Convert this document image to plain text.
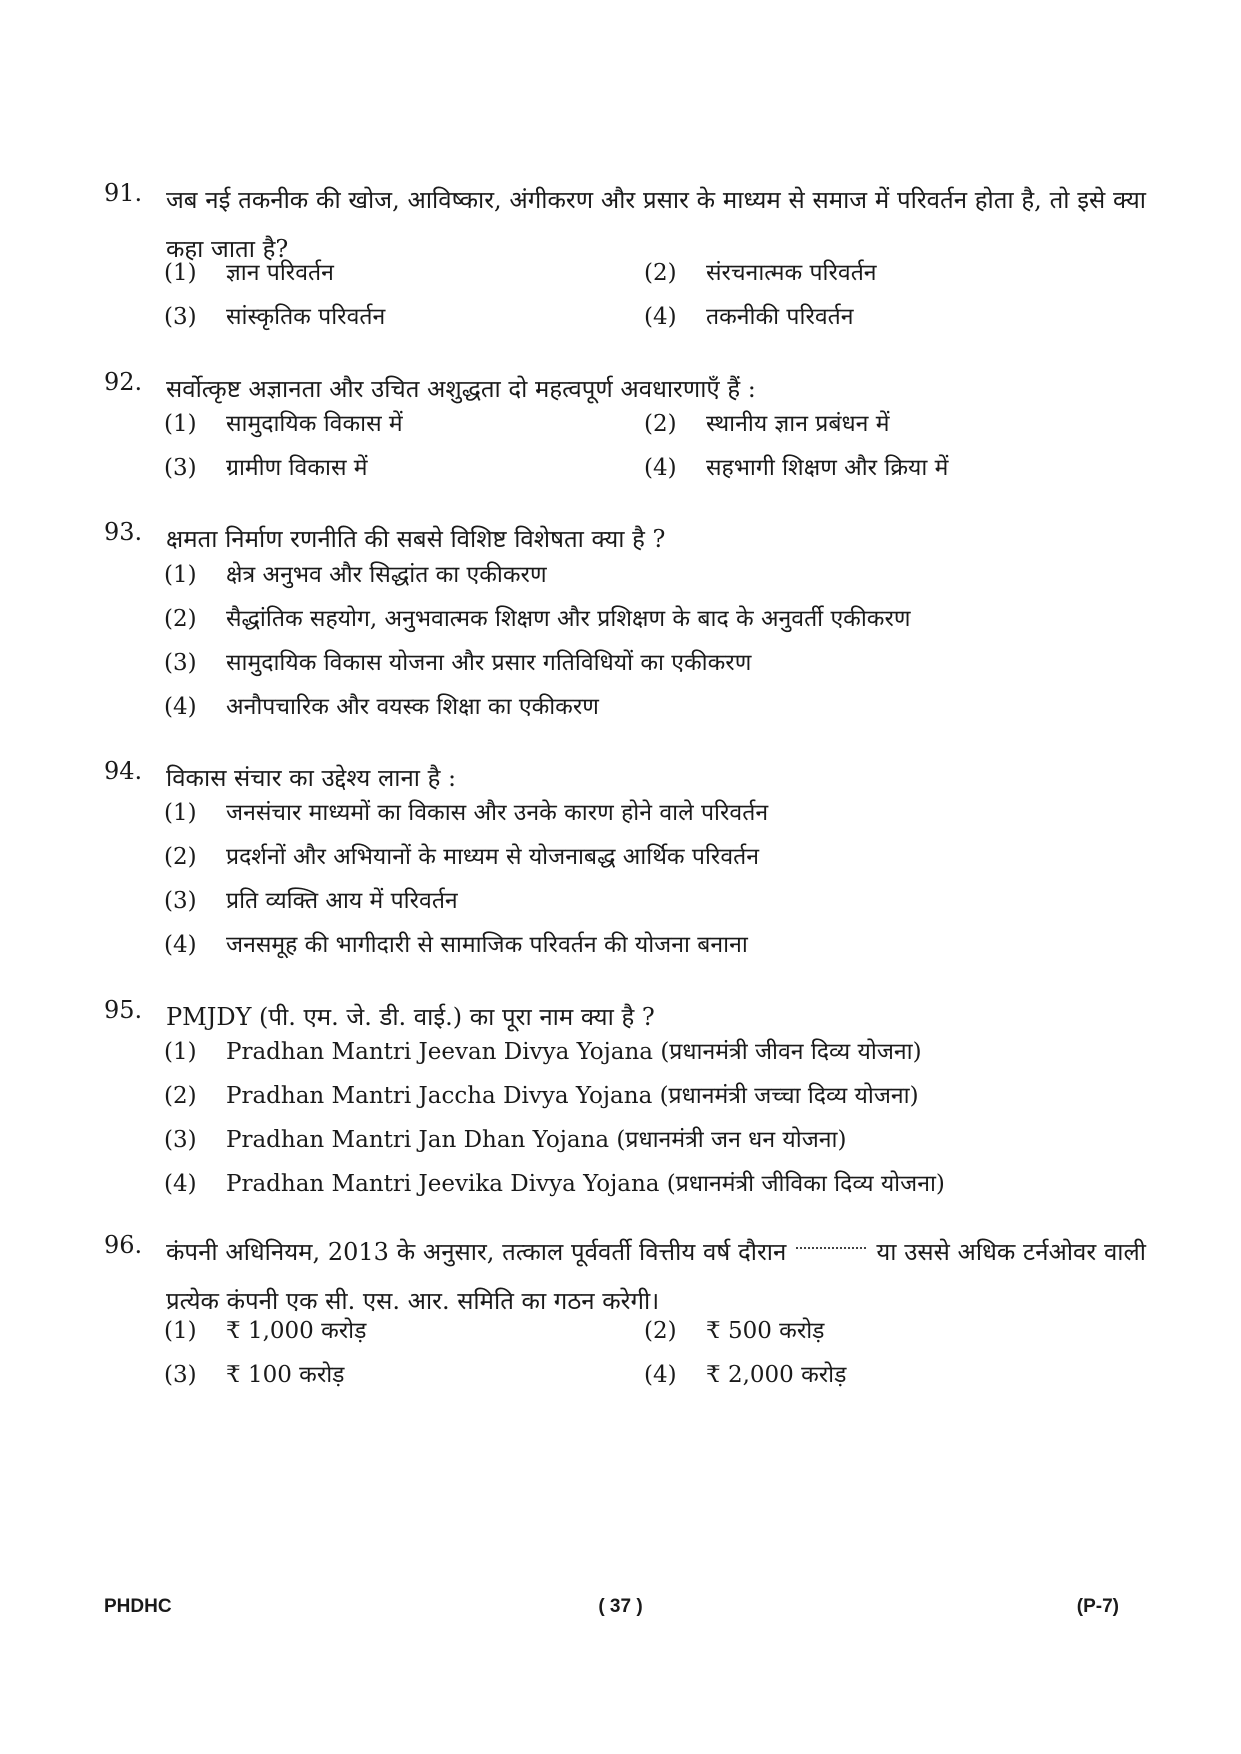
91. जब नई तकनीक की खोज, आविष्कार, अंगीकरण और प्रसार के माध्यम से समाज में परिवर्तन होता है, तो इसे क्या कहा जाता है?
(1)	ज्ञान परिवर्तन	(2)	संरचनात्मक परिवर्तन
(3)	सांस्कृतिक परिवर्तन	(4)	तकनीकी परिवर्तन
92. सर्वोत्कृष्ट अज्ञानता और उचित अशुद्धता दो महत्वपूर्ण अवधारणाएँ हैं :
(1)	सामुदायिक विकास में	(2)	स्थानीय ज्ञान प्रबंधन में
(3)	ग्रामीण विकास में	(4)	सहभागी शिक्षण और क्रिया में
93. क्षमता निर्माण रणनीति की सबसे विशिष्ट विशेषता क्या है ?
(1)	क्षेत्र अनुभव और सिद्धांत का एकीकरण
(2)	सैद्धांतिक सहयोग, अनुभवात्मक शिक्षण और प्रशिक्षण के बाद के अनुवर्ती एकीकरण
(3)	सामुदायिक विकास योजना और प्रसार गतिविधियों का एकीकरण
(4)	अनौपचारिक और वयस्क शिक्षा का एकीकरण
94. विकास संचार का उद्देश्य लाना है :
(1)	जनसंचार माध्यमों का विकास और उनके कारण होने वाले परिवर्तन
(2)	प्रदर्शनों और अभियानों के माध्यम से योजनाबद्ध आर्थिक परिवर्तन
(3)	प्रति व्यक्ति आय में परिवर्तन
(4)	जनसमूह की भागीदारी से सामाजिक परिवर्तन की योजना बनाना
95. PMJDY (पी. एम. जे. डी. वाई.) का पूरा नाम क्या है ?
(1)	Pradhan Mantri Jeevan Divya Yojana (प्रधानमंत्री जीवन दिव्य योजना)
(2)	Pradhan Mantri Jaccha Divya Yojana (प्रधानमंत्री जच्चा दिव्य योजना)
(3)	Pradhan Mantri Jan Dhan Yojana (प्रधानमंत्री जन धन योजना)
(4)	Pradhan Mantri Jeevika Divya Yojana (प्रधानमंत्री जीविका दिव्य योजना)
96. कंपनी अधिनियम, 2013 के अनुसार, तत्काल पूर्ववर्ती वित्तीय वर्ष दौरान	या उससे अधिक टर्नओवर वाली प्रत्येक कंपनी एक सी. एस. आर. समिति का गठन करेगी।
(1)	₹ 1,000 करोड़	(2)	₹ 500 करोड़
(3)	₹ 100 करोड़	(4)	₹ 2,000 करोड़
PHDHC	( 37 )	(P-7)
